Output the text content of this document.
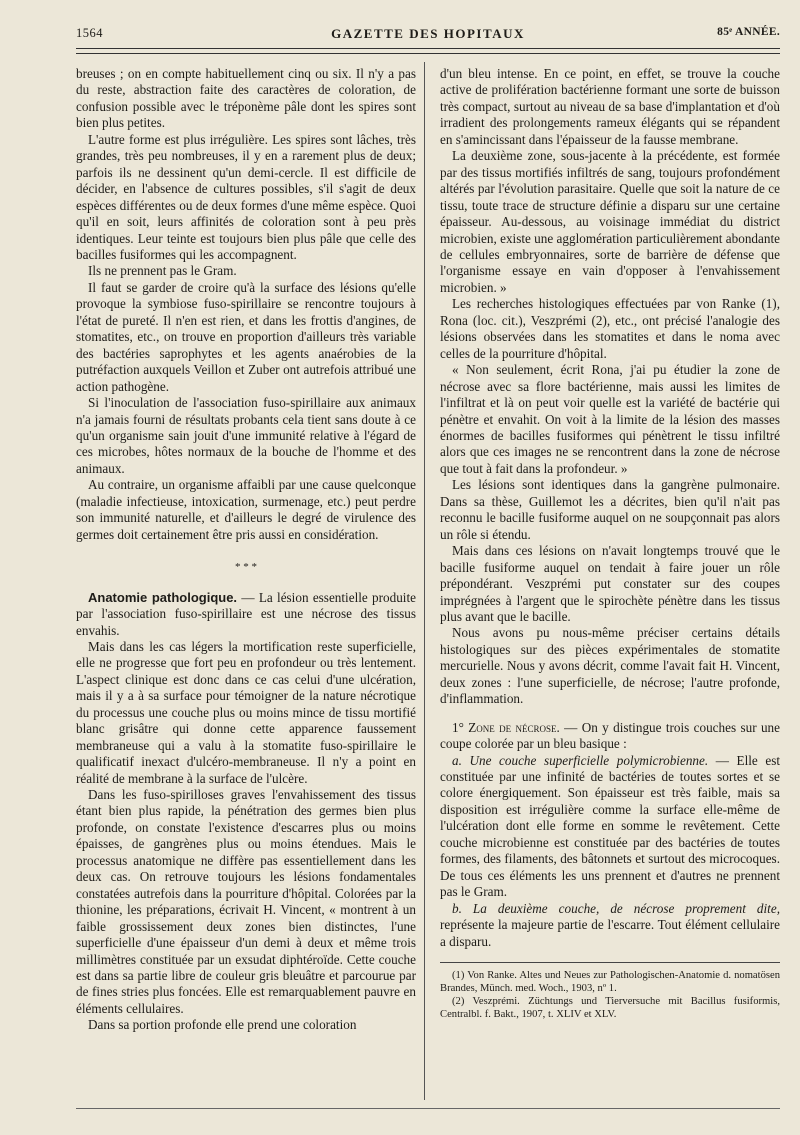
1564	GAZETTE DES HOPITAUX	85ᵉ ANNÉE.

breuses ; on en compte habituellement cinq ou six. Il n'y a pas du reste, abstraction faite des caractères de coloration, de confusion possible avec le tréponème pâle dont les spires sont bien plus petites.

L'autre forme est plus irrégulière. Les spires sont lâches, très grandes, très peu nombreuses, il y en a rarement plus de deux; parfois ils ne dessinent qu'un demi-cercle. Il est difficile de décider, en l'absence de cultures possibles, s'il s'agit de deux espèces différentes ou de deux formes d'une même espèce. Quoi qu'il en soit, leurs affinités de coloration sont à peu près identiques. Leur teinte est toujours bien plus pâle que celle des bacilles fusiformes qui les accompagnent.

Ils ne prennent pas le Gram.

Il faut se garder de croire qu'à la surface des lésions qu'elle provoque la symbiose fuso-spirillaire se rencontre toujours à l'état de pureté. Il n'en est rien, et dans les frottis d'angines, de stomatites, etc., on trouve en proportion d'ailleurs très variable des bactéries saprophytes et les agents anaérobies de la putréfaction auxquels Veillon et Zuber ont autrefois attribué une action pathogène.

Si l'inoculation de l'association fuso-spirillaire aux animaux n'a jamais fourni de résultats probants cela tient sans doute à ce qu'un organisme sain jouit d'une immunité relative à l'égard de ces microbes, hôtes normaux de la bouche de l'homme et des animaux.

Au contraire, un organisme affaibli par une cause quelconque (maladie infectieuse, intoxication, surmenage, etc.) peut perdre son immunité naturelle, et d'ailleurs le degré de virulence des germes doit certainement être pris aussi en considération.

* * *

Anatomie pathologique. — La lésion essentielle produite par l'association fuso-spirillaire est une nécrose des tissus envahis.

Mais dans les cas légers la mortification reste superficielle, elle ne progresse que fort peu en profondeur ou très lentement. L'aspect clinique est donc dans ce cas celui d'une ulcération, mais il y a à sa surface pour témoigner de la nature nécrotique du processus une couche plus ou moins mince de tissu mortifié blanc grisâtre qui donne cette apparence faussement membraneuse qui a valu à la stomatite fuso-spirillaire le qualificatif inexact d'ulcéro-membraneuse. Il n'y a point en réalité de membrane à la surface de l'ulcère.

Dans les fuso-spirilloses graves l'envahissement des tissus étant bien plus rapide, la pénétration des germes bien plus profonde, on constate l'existence d'escarres plus ou moins épaisses, de gangrènes plus ou moins étendues. Mais le processus anatomique ne diffère pas essentiellement dans les deux cas. On retrouve toujours les lésions fondamentales constatées autrefois dans la pourriture d'hôpital. Colorées par la thionine, les préparations, écrivait H. Vincent, « montrent à un faible grossissement deux zones bien distinctes, l'une superficielle d'une épaisseur d'un demi à deux et même trois millimètres constituée par un exsudat diphtéroïde. Cette couche est dans sa partie libre de couleur gris bleuâtre et parcourue par de fines stries plus foncées. Elle est remarquablement pauvre en éléments cellulaires.

Dans sa portion profonde elle prend une coloration

d'un bleu intense. En ce point, en effet, se trouve la couche active de prolifération bactérienne formant une sorte de buisson très compact, surtout au niveau de sa base d'implantation et d'où irradient des prolongements rameux élégants qui se répandent en s'amincissant dans l'épaisseur de la fausse membrane.

La deuxième zone, sous-jacente à la précédente, est formée par des tissus mortifiés infiltrés de sang, toujours profondément altérés par l'évolution parasitaire. Quelle que soit la nature de ce tissu, toute trace de structure définie a disparu sur une certaine épaisseur. Au-dessous, au voisinage immédiat du district microbien, existe une agglomération particulièrement abondante de cellules embryonnaires, sorte de barrière de défense que l'organisme essaye en vain d'opposer à l'envahissement microbien. »

Les recherches histologiques effectuées par von Ranke (1), Rona (loc. cit.), Veszprémi (2), etc., ont précisé l'analogie des lésions observées dans les stomatites et dans le noma avec celles de la pourriture d'hôpital.

« Non seulement, écrit Rona, j'ai pu étudier la zone de nécrose avec sa flore bactérienne, mais aussi les limites de l'infiltrat et là on peut voir quelle est la variété de bactérie qui pénètre et envahit. On voit à la limite de la lésion des masses énormes de bacilles fusiformes qui pénètrent le tissu infiltré alors que ces images ne se rencontrent dans la zone de nécrose que tout à fait dans la profondeur. »

Les lésions sont identiques dans la gangrène pulmonaire. Dans sa thèse, Guillemot les a décrites, bien qu'il n'ait pas reconnu le bacille fusiforme auquel on ne soupçonnait pas alors un rôle si étendu.

Mais dans ces lésions on n'avait longtemps trouvé que le bacille fusiforme auquel on tendait à faire jouer un rôle prépondérant. Veszprémi put constater sur des coupes imprégnées à l'argent que le spirochète pénètre dans les tissus plus avant que le bacille.

Nous avons pu nous-même préciser certains détails histologiques sur des pièces expérimentales de stomatite mercurielle. Nous y avons décrit, comme l'avait fait H. Vincent, deux zones : l'une superficielle, de nécrose; l'autre profonde, d'inflammation.

1° Zone de nécrose. — On y distingue trois couches sur une coupe colorée par un bleu basique :

a. Une couche superficielle polymicrobienne. — Elle est constituée par une infinité de bactéries de toutes sortes et se colore énergiquement. Son épaisseur est très faible, mais sa disposition est irrégulière comme la surface elle-même de l'ulcération dont elle forme en somme le revêtement. Cette couche microbienne est constituée par des bactéries de toutes formes, des filaments, des bâtonnets et surtout des microcoques. De tous ces éléments les uns prennent et d'autres ne prennent pas le Gram.

b. La deuxième couche, de nécrose proprement dite, représente la majeure partie de l'escarre. Tout élément cellulaire a disparu.

(1) Von Ranke. Altes und Neues zur Pathologischen-Anatomie d. nomatösen Brandes, Münch. med. Woch., 1903, nº 1.

(2) Veszprémi. Züchtungs und Tierversuche mit Bacillus fusiformis, Centralbl. f. Bakt., 1907, t. XLIV et XLV.
